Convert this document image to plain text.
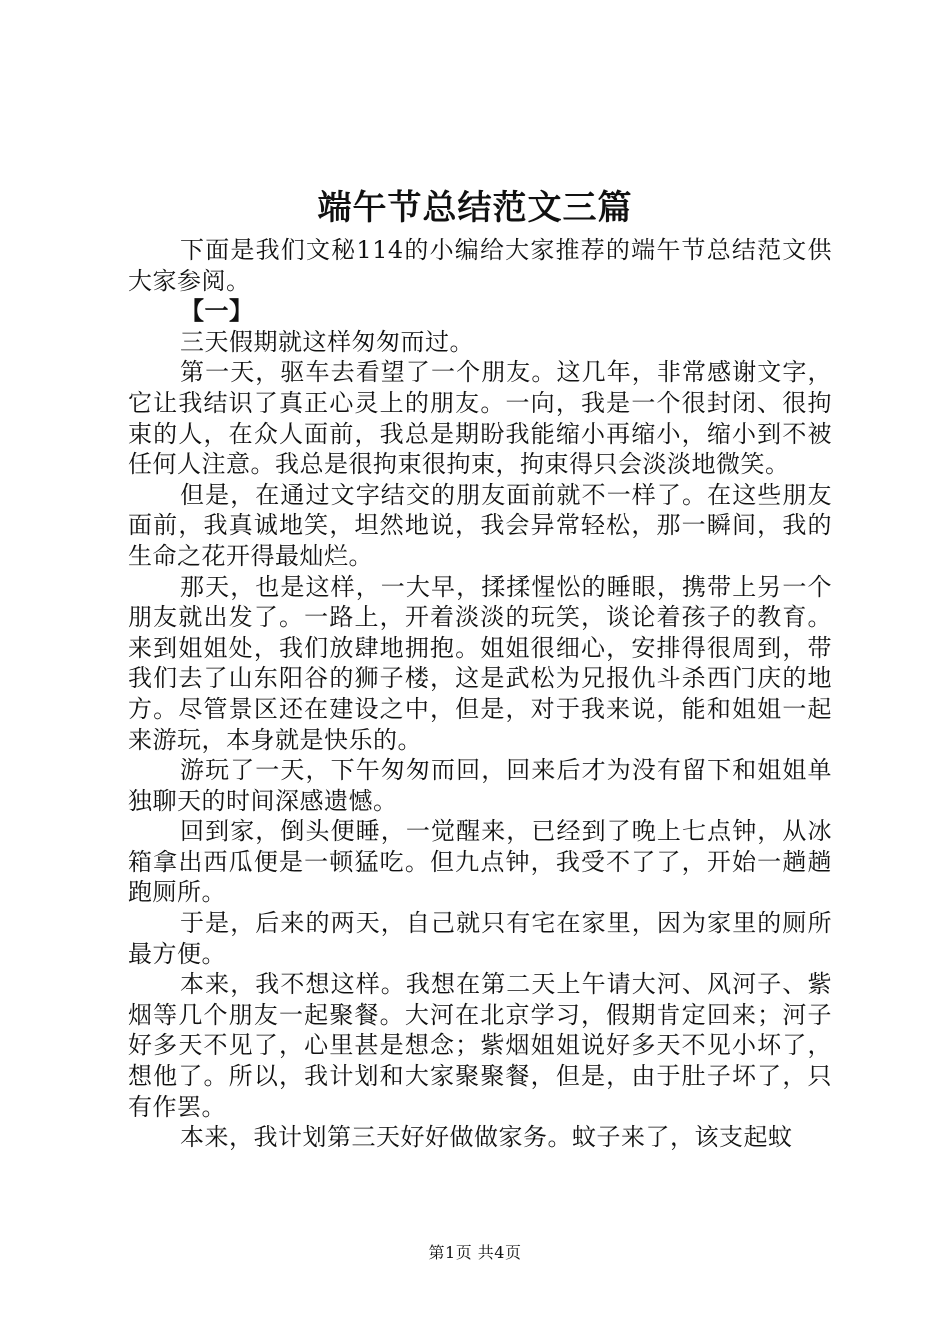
端午节总结范文三篇

下面是我们文秘114的小编给大家推荐的端午节总结范文供大家参阅。

【一】

三天假期就这样匆匆而过。

第一天，驱车去看望了一个朋友。这几年，非常感谢文字，它让我结识了真正心灵上的朋友。一向，我是一个很封闭、很拘束的人，在众人面前，我总是期盼我能缩小再缩小，缩小到不被任何人注意。我总是很拘束很拘束，拘束得只会淡淡地微笑。

但是，在通过文字结交的朋友面前就不一样了。在这些朋友面前，我真诚地笑，坦然地说，我会异常轻松，那一瞬间，我的生命之花开得最灿烂。

那天，也是这样，一大早，揉揉惺忪的睡眼，携带上另一个朋友就出发了。一路上，开着淡淡的玩笑，谈论着孩子的教育。来到姐姐处，我们放肆地拥抱。姐姐很细心，安排得很周到，带我们去了山东阳谷的狮子楼，这是武松为兄报仇斗杀西门庆的地方。尽管景区还在建设之中，但是，对于我来说，能和姐姐一起来游玩，本身就是快乐的。

游玩了一天，下午匆匆而回，回来后才为没有留下和姐姐单独聊天的时间深感遗憾。

回到家，倒头便睡，一觉醒来，已经到了晚上七点钟，从冰箱拿出西瓜便是一顿猛吃。但九点钟，我受不了了，开始一趟趟跑厕所。

于是，后来的两天，自己就只有宅在家里，因为家里的厕所最方便。

本来，我不想这样。我想在第二天上午请大河、风河子、紫烟等几个朋友一起聚餐。大河在北京学习，假期肯定回来；河子好多天不见了，心里甚是想念；紫烟姐姐说好多天不见小坏了，想他了。所以，我计划和大家聚聚餐，但是，由于肚子坏了，只有作罢。

本来，我计划第三天好好做做家务。蚊子来了，该支起蚊

第1页 共4页
